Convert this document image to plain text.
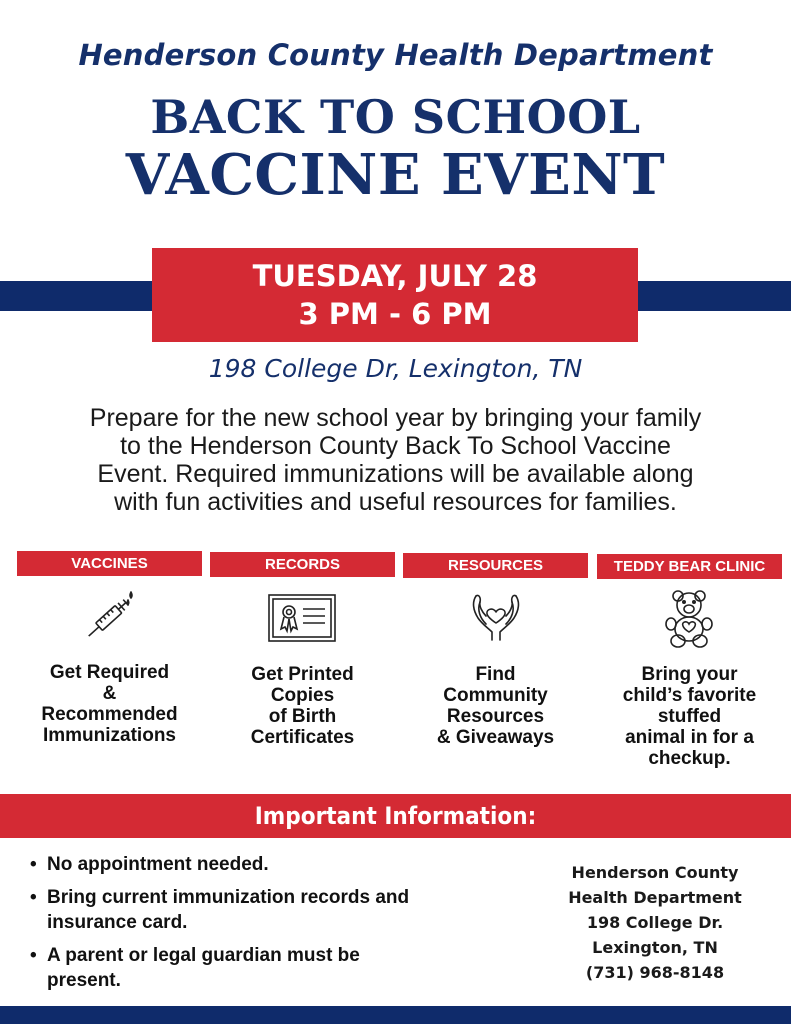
Henderson County Health Department
BACK TO SCHOOL
VACCINE EVENT
TUESDAY, JULY 28
3 PM - 6 PM
198 College Dr, Lexington, TN
Prepare for the new school year by bringing your family
to the Henderson County Back To School Vaccine
Event. Required immunizations will be available along
with fun activities and useful resources for families.
VACCINES
Get Required
&
Recommended
Immunizations
RECORDS
Get Printed
Copies
of Birth
Certificates
RESOURCES
Find
Community
Resources
& Giveaways
TEDDY BEAR CLINIC
Bring your
child’s favorite
stuffed
animal in for a
checkup.
Important Information:
• No appointment needed.
• Bring current immunization records and
insurance card.
• A parent or legal guardian must be
present.
Henderson County
Health Department
198 College Dr.
Lexington, TN
(731) 968-8148
